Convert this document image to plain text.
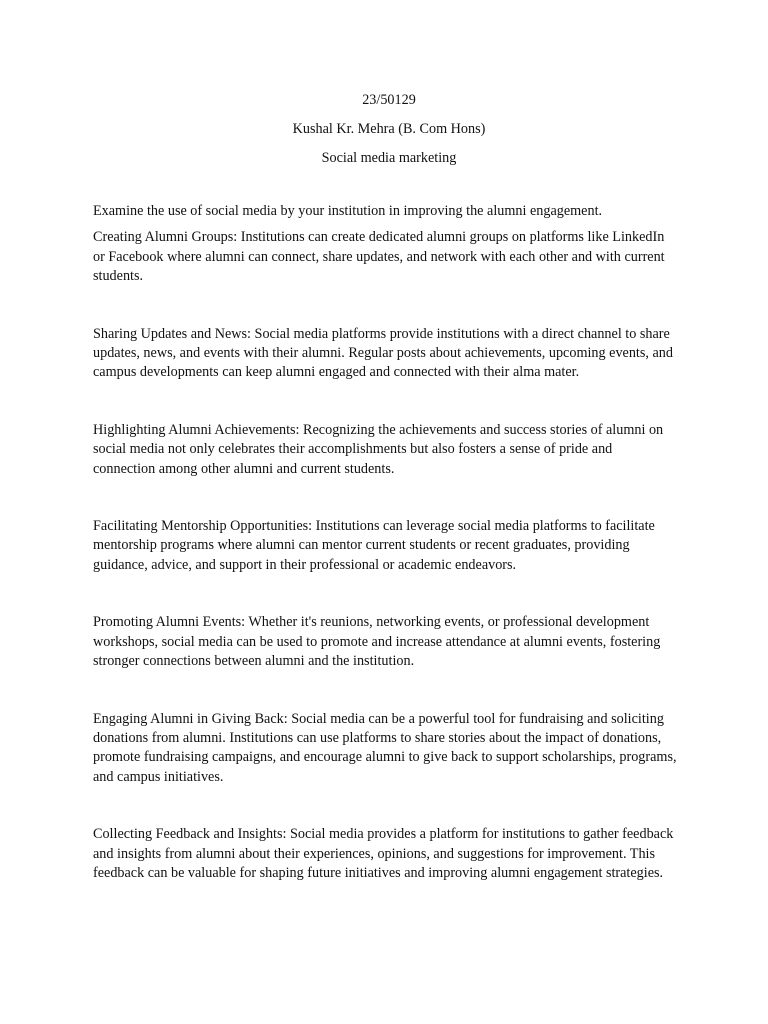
23/50129
Kushal Kr. Mehra (B. Com Hons)
Social media marketing

Examine the use of social media by your institution in improving the alumni engagement.

Creating Alumni Groups: Institutions can create dedicated alumni groups on platforms like LinkedIn or Facebook where alumni can connect, share updates, and network with each other and with current students.

Sharing Updates and News: Social media platforms provide institutions with a direct channel to share updates, news, and events with their alumni. Regular posts about achievements, upcoming events, and campus developments can keep alumni engaged and connected with their alma mater.

Highlighting Alumni Achievements: Recognizing the achievements and success stories of alumni on social media not only celebrates their accomplishments but also fosters a sense of pride and connection among other alumni and current students.

Facilitating Mentorship Opportunities: Institutions can leverage social media platforms to facilitate mentorship programs where alumni can mentor current students or recent graduates, providing guidance, advice, and support in their professional or academic endeavors.

Promoting Alumni Events: Whether it's reunions, networking events, or professional development workshops, social media can be used to promote and increase attendance at alumni events, fostering stronger connections between alumni and the institution.

Engaging Alumni in Giving Back: Social media can be a powerful tool for fundraising and soliciting donations from alumni. Institutions can use platforms to share stories about the impact of donations, promote fundraising campaigns, and encourage alumni to give back to support scholarships, programs, and campus initiatives.

Collecting Feedback and Insights: Social media provides a platform for institutions to gather feedback and insights from alumni about their experiences, opinions, and suggestions for improvement. This feedback can be valuable for shaping future initiatives and improving alumni engagement strategies.
